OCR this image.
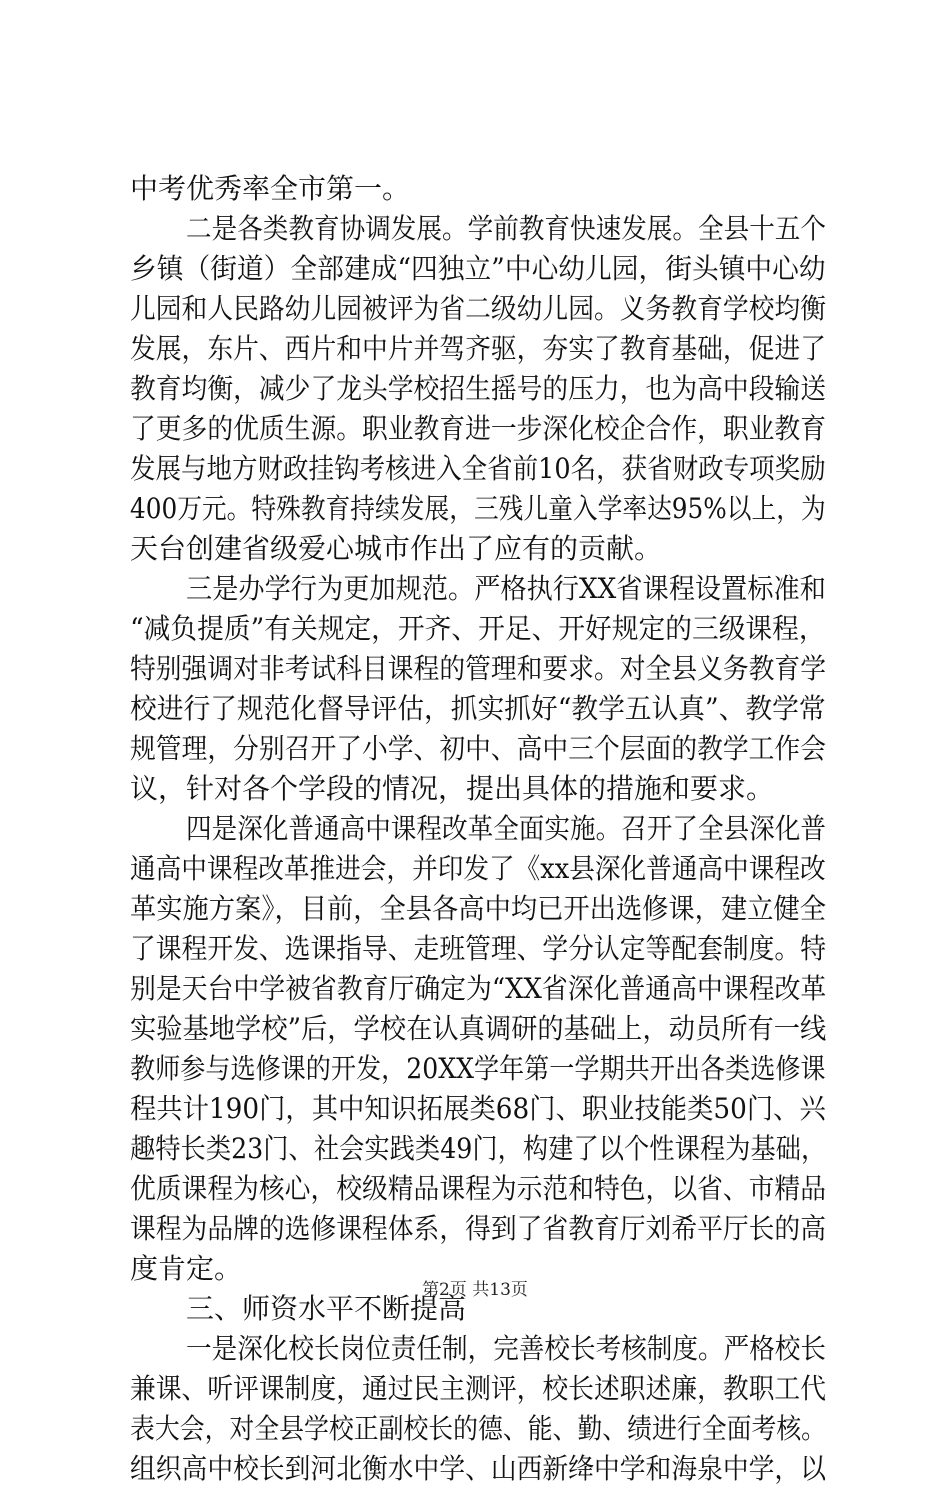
中考优秀率全市第一。
二是各类教育协调发展。学前教育快速发展。全县十五个
乡镇（街道）全部建成“四独立”中心幼儿园，街头镇中心幼
儿园和人民路幼儿园被评为省二级幼儿园。义务教育学校均衡
发展，东片、西片和中片并驾齐驱，夯实了教育基础，促进了
教育均衡，减少了龙头学校招生摇号的压力，也为高中段输送
了更多的优质生源。职业教育进一步深化校企合作，职业教育
发展与地方财政挂钩考核进入全省前10名，获省财政专项奖励
400万元。特殊教育持续发展，三残儿童入学率达95%以上，为
天台创建省级爱心城市作出了应有的贡献。
三是办学行为更加规范。严格执行XX省课程设置标准和
“减负提质”有关规定，开齐、开足、开好规定的三级课程，
特别强调对非考试科目课程的管理和要求。对全县义务教育学
校进行了规范化督导评估，抓实抓好“教学五认真”、教学常
规管理，分别召开了小学、初中、高中三个层面的教学工作会
议，针对各个学段的情况，提出具体的措施和要求。
四是深化普通高中课程改革全面实施。召开了全县深化普
通高中课程改革推进会，并印发了《xx县深化普通高中课程改
革实施方案》，目前，全县各高中均已开出选修课，建立健全
了课程开发、选课指导、走班管理、学分认定等配套制度。特
别是天台中学被省教育厅确定为“XX省深化普通高中课程改革
实验基地学校”后，学校在认真调研的基础上，动员所有一线
教师参与选修课的开发，20XX学年第一学期共开出各类选修课
程共计190门，其中知识拓展类68门、职业技能类50门、兴
趣特长类23门、社会实践类49门，构建了以个性课程为基础，
优质课程为核心，校级精品课程为示范和特色，以省、市精品
课程为品牌的选修课程体系，得到了省教育厅刘希平厅长的高
度肯定。
三、师资水平不断提高
一是深化校长岗位责任制，完善校长考核制度。严格校长
兼课、听评课制度，通过民主测评，校长述职述廉，教职工代
表大会，对全县学校正副校长的德、能、勤、绩进行全面考核。
组织高中校长到河北衡水中学、山西新绛中学和海泉中学，以
第2页 共13页
